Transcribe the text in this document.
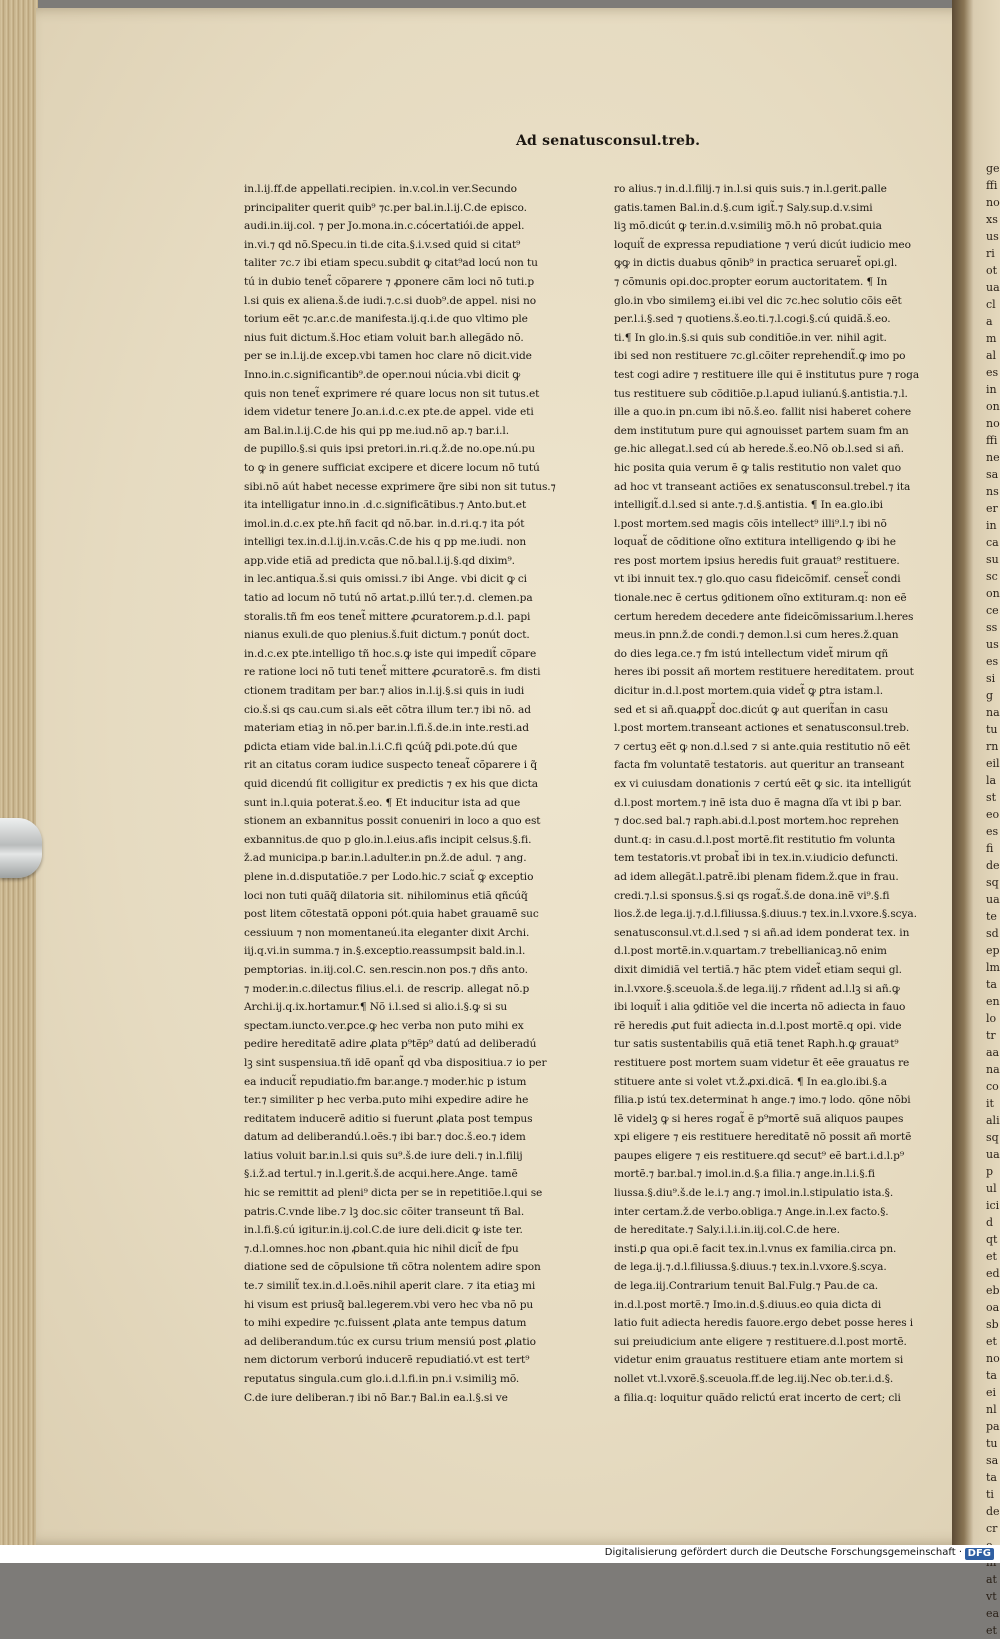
geffinoxsusriotuaclamalesinonnoffinesanserincasusconcessusessignaturneillasteoesfidesquatesdeplmtaenlotraanacoitalisquapulicidqtetedeboasbetnotaeinlpatusatatidecr atvteaet
Ad senatusconsul.treb.
in.l.ij.ff.de appellati.recipien. in.v.col.in ver.Secundo
principaliter querit quib⁹ ⁊c.per bal.in.l.ij.C.de episco.
audi.in.iij.col. ⁊ per Jo.mona.in.c.cócertatiói.de appel.
in.vi.⁊ qd nõ.Specu.in ti.de cita.§.i.v.sed quid si citat⁹
taliter ⁊c.⁊ ibi etiam specu.subdit ꝙ citat⁹ad locú non tu
tú in dubio tenet̃ cõparere ⁊ ꝓponere cãm loci nõ tuti.p
l.si quis ex aliena.š.de iudi.⁊.c.si duob⁹.de appel. nisi no
torium eẽt ⁊c.ar.c.de manifesta.ij.q.i.de quo vltimo ple
nius fuit dictum.š.Hoc etiam voluit bar.h allegãdo nõ.
per se in.l.ij.de excep.vbi tamen hoc clare nõ dicit.vide
Inno.in.c.significantib⁹.de oper.noui núcia.vbi dicit ꝙ
quis non tenet̃ exprimere ré quare locus non sit tutus.et
idem videtur tenere Jo.an.i.d.c.ex pte.de appel. vide eti
am Bal.in.l.ij.C.de his qui pp me.iud.nõ ap.⁊ bar.i.l.
de pupillo.§.si quis ipsi pretori.in.ri.q.ž.de no.ope.nú.pu
to ꝙ in genere sufficiat excipere et dicere locum nõ tutú
sibi.nõ aút habet necesse exprimere q̃re sibi non sit tutus.⁊
ita intelligatur inno.in .d.c.significãtibus.⁊ Anto.but.et
imol.in.d.c.ex pte.hñ facit qd nõ.bar. in.d.ri.q.⁊ ita pót
intelligi tex.in.d.l.ij.in.v.cãs.C.de his q pp me.iudi. non
app.vide etiã ad predicta que nõ.bal.l.ij.§.qd dixim⁹.
in lec.antiqua.š.si quis omissi.⁊ ibi Ange. vbi dicit ꝙ ci
tatio ad locum nõ tutú nõ artat.p.illú ter.⁊.d. clemen.pa
storalis.tñ fm eos tenet̃ mittere ꝓcuratorem.p.d.l. papi
nianus exuli.de quo plenius.š.fuit dictum.⁊ ponút doct.
in.d.c.ex pte.intelligo tñ hoc.s.ꝙ iste qui impedit̃ cõpare
re ratione loci nõ tuti tenet̃ mittere ꝓcuratorẽ.s. fm disti
ctionem traditam per bar.⁊ alios in.l.ij.§.si quis in iudi
cio.š.si qs cau.cum si.als eẽt cõtra illum ter.⁊ ibi nõ. ad
materiam etiaꝫ in nõ.per bar.in.l.fi.š.de.in inte.resti.ad
ꝑdicta etiam vide bal.in.l.i.C.fi ꝗcúq̃ ꝑdi.pote.dú que
rit an citatus coram iudice suspecto teneat̃ cõparere i q̃
quid dicendú fit colligitur ex predictis ⁊ ex his que dicta
sunt in.l.quia poterat.š.eo. ¶ Et inducitur ista ad que
stionem an exbannitus possit conueniri in loco a quo est
exbannitus.de quo p glo.in.l.eius.afis incipit celsus.§.fi.
ž.ad municipa.p bar.in.l.adulter.in pn.ž.de adul. ⁊ ang.
plene in.d.disputatiõe.⁊ per Lodo.hic.⁊ sciat̃ ꝙ exceptio
loci non tuti quãq̃ dilatoria sit. nihilominus etiã qñcúq̃
post litem cõtestatã opponi pót.quia habet grauamẽ suc
cessiuum ⁊ non momentaneú.ita eleganter dixit Archi.
iij.q.vi.in summa.⁊ in.§.exceptio.reassumpsit bald.in.l.
pemptorias. in.iij.col.C. sen.rescin.non pos.⁊ dñs anto.
⁊ moder.in.c.dilectus filius.el.i. de rescrip. allegat nõ.p
Archi.ij.q.ix.hortamur.¶ Nõ i.l.sed si alio.i.§.ꝙ si su
spectam.iuncto.ver.ꝑce.ꝙ hec verba non puto mihi ex
pedire hereditatẽ adire ꝓlata p⁹tẽp⁹ datú ad deliberadú
lꝫ sint suspensiua.tñ idẽ opant̃ qd vba dispositiua.⁊ io per
ea inducit̃ repudiatio.fm bar.ange.⁊ moder.hic p istum
ter.⁊ similiter p hec verba.puto mihi expedire adire he
reditatem inducerẽ aditio si fuerunt ꝓlata post tempus
datum ad deliberandú.l.oẽs.⁊ ibi bar.⁊ doc.š.eo.⁊ idem
latius voluit bar.in.l.si quis su⁹.š.de iure deli.⁊ in.l.filij
§.i.ž.ad tertul.⁊ in.l.gerit.š.de acqui.here.Ange. tamẽ
hic se remittit ad pleni⁹ dicta per se in repetitiõe.l.qui se
patris.C.vnde libe.⁊ lꝫ doc.sic cõiter transeunt tñ Bal.
in.l.fi.§.cú igitur.in.ij.col.C.de iure deli.dicit ꝙ iste ter.
⁊.d.l.omnes.hoc non ꝓbant.quia hic nihil dicit̃ de fpu
diatione sed de cõpulsione tñ cõtra nolentem adire spon
te.⁊ similit̃ tex.in.d.l.oẽs.nihil aperit clare. ⁊ ita etiaꝫ mi
hi visum est priusq̃ bal.legerem.vbi vero hec vba nõ pu
to mihi expedire ⁊c.fuissent ꝓlata ante tempus datum
ad deliberandum.túc ex cursu trium mensiú post ꝓlatio
nem dictorum verború inducerẽ repudiatió.vt est tert⁹
reputatus singula.cum glo.i.d.l.fi.in pn.i v.similiꝫ mõ.
C.de iure deliberan.⁊ ibi nõ Bar.⁊ Bal.in ea.l.§.si ve
ro alius.⁊ in.d.l.filij.⁊ in.l.si quis suis.⁊ in.l.gerit.ꝑalle
gatis.tamen Bal.in.d.§.cum igit̃.⁊ Saly.sup.d.v.simi
liꝫ mõ.dicút ꝙ ter.in.d.v.similiꝫ mõ.h nõ probat.quia
loquit̃ de expressa repudiatione ⁊ verú dicút iudicio meo
ꝙꝙ in dictis duabus qõnib⁹ in practica seruaret̃ opi.gl.
⁊ cõmunis opi.doc.propter eorum auctoritatem. ¶ In
glo.in vbo similemꝫ ei.ibi vel dic ⁊c.hec solutio cõis eẽt
per.l.i.§.sed ⁊ quotiens.š.eo.ti.⁊.l.cogi.§.cú quidã.š.eo.
ti.¶ In glo.in.§.si quis sub conditiõe.in ver. nihil agit.
ibi sed non restituere ⁊c.gl.cõiter reprehendit̃.ꝙ imo po
test cogi adire ⁊ restituere ille qui ẽ institutus pure ⁊ roga
tus restituere sub cõditiõe.p.l.apud iulianú.§.antistia.⁊.l.
ille a quo.in pn.cum ibi nõ.š.eo. fallit nisi haberet cohere
dem institutum pure qui agnouisset partem suam fm an
ge.hic allegat.l.sed cú ab herede.š.eo.Nõ ob.l.sed si añ.
hic posita quia verum ẽ ꝙ talis restitutio non valet quo
ad hoc vt transeant actiões ex senatusconsul.trebel.⁊ ita
intelligit̃.d.l.sed si ante.⁊.d.§.antistia. ¶ In ea.glo.ibi
l.post mortem.sed magis cõis intellect⁹ illi⁹.l.⁊ ibi nõ
loquat̃ de cõditione oĩno extitura intelligendo ꝙ ibi he
res post mortem ipsius heredis fuit grauat⁹ restituere.
vt ibi innuit tex.⁊ glo.quo casu fideicõmif. censet̃ condi
tionale.nec ẽ certus ꝯditionem oĩno extituram.q: non eẽ
certum heredem decedere ante fideicõmissarium.l.heres
meus.in pnn.ž.de condi.⁊ demon.l.si cum heres.ž.quan
do dies lega.ce.⁊ fm istú intellectum videt̃ mirum qñ
heres ibi possit añ mortem restituere hereditatem. prout
dicitur in.d.l.post mortem.quia videt̃ ꝙ ꝑtra istam.l.
sed et si añ.quaꝓpt̃ doc.dicút ꝙ aut querit̃an in casu
l.post mortem.transeant actiones et senatusconsul.treb.
⁊ certuꝫ eẽt ꝙ non.d.l.sed ⁊ si ante.quia restitutio nõ eẽt
facta fm voluntatẽ testatoris. aut queritur an transeant
ex vi cuiusdam donationis ⁊ certú eẽt ꝙ sic. ita intelligút
d.l.post mortem.⁊ inẽ ista duo ẽ magna dĩa vt ibi p bar.
⁊ doc.sed bal.⁊ raph.abi.d.l.post mortem.hoc reprehen
dunt.q: in casu.d.l.post mortẽ.fit restitutio fm volunta
tem testatoris.vt probat̃ ibi in tex.in.v.iudicio defuncti.
ad idem allegãt.l.patrẽ.ibi plenam fidem.ž.que in frau.
credi.⁊.l.si sponsus.§.si qs rogat̃.š.de dona.inẽ vi⁹.§.fi
lios.ž.de lega.ij.⁊.d.l.filiussa.§.diuus.⁊ tex.in.l.vxore.§.scya.
senatusconsul.vt.d.l.sed ⁊ si añ.ad idem ponderat tex. in
d.l.post mortẽ.in.v.quartam.⁊ trebellianicaꝫ.nõ enim
dixit dimidiã vel tertiã.⁊ hãc ptem videt̃ etiam sequi gl.
in.l.vxore.§.sceuola.š.de lega.iij.⁊ rñdent ad.l.lꝫ si añ.ꝙ
ibi loquit̃ i alia ꝯditiõe vel die incerta nõ adiecta in fauo
rẽ heredis ꝓut fuit adiecta in.d.l.post mortẽ.q opi. vide
tur satis sustentabilis quã etiã tenet Raph.h.ꝙ grauat⁹
restituere post mortem suam videtur ẽt eẽe grauatus re
stituere ante si volet vt.ž.ꝓxi.dicã. ¶ In ea.glo.ibi.§.a
filia.p istú tex.determinat h ange.⁊ imo.⁊ lodo. qõne nõbi
lẽ videlꝫ ꝙ si heres rogat̃ ẽ p⁹mortẽ suã aliquos paupes
xpi eligere ⁊ eis restituere hereditatẽ nõ possit añ mortẽ
paupes eligere ⁊ eis restituere.qd secut⁹ eẽ bart.i.d.l.p⁹
mortẽ.⁊ bar.bal.⁊ imol.in.d.§.a filia.⁊ ange.in.l.i.§.fi
liussa.§.diu⁹.š.de le.i.⁊ ang.⁊ imol.in.l.stipulatio ista.§.
inter certam.ž.de verbo.obliga.⁊ Ange.in.l.ex facto.§.
de hereditate.⁊ Saly.i.l.i.in.iij.col.C.de here.
insti.ꝑ qua opi.ẽ facit tex.in.l.vnus ex familia.circa pn.
de lega.ij.⁊.d.l.filiussa.§.diuus.⁊ tex.in.l.vxore.§.scya.
de lega.iij.Contrarium tenuit Bal.Fulg.⁊ Pau.de ca.
in.d.l.post mortẽ.⁊ Imo.in.d.§.diuus.eo quia dicta di
latio fuit adiecta heredis fauore.ergo debet posse heres i
sui preiudicium ante eligere ⁊ restituere.d.l.post mortẽ.
videtur enim grauatus restituere etiam ante mortem si
nollet vt.l.vxorẽ.§.sceuola.ff.de leg.iij.Nec ob.ter.i.d.§.
a filia.q: loquitur quãdo relictú erat incerto de cert; cli
Digitalisierung gefördert durch die Deutsche Forschungsgemeinschaft · DFG
